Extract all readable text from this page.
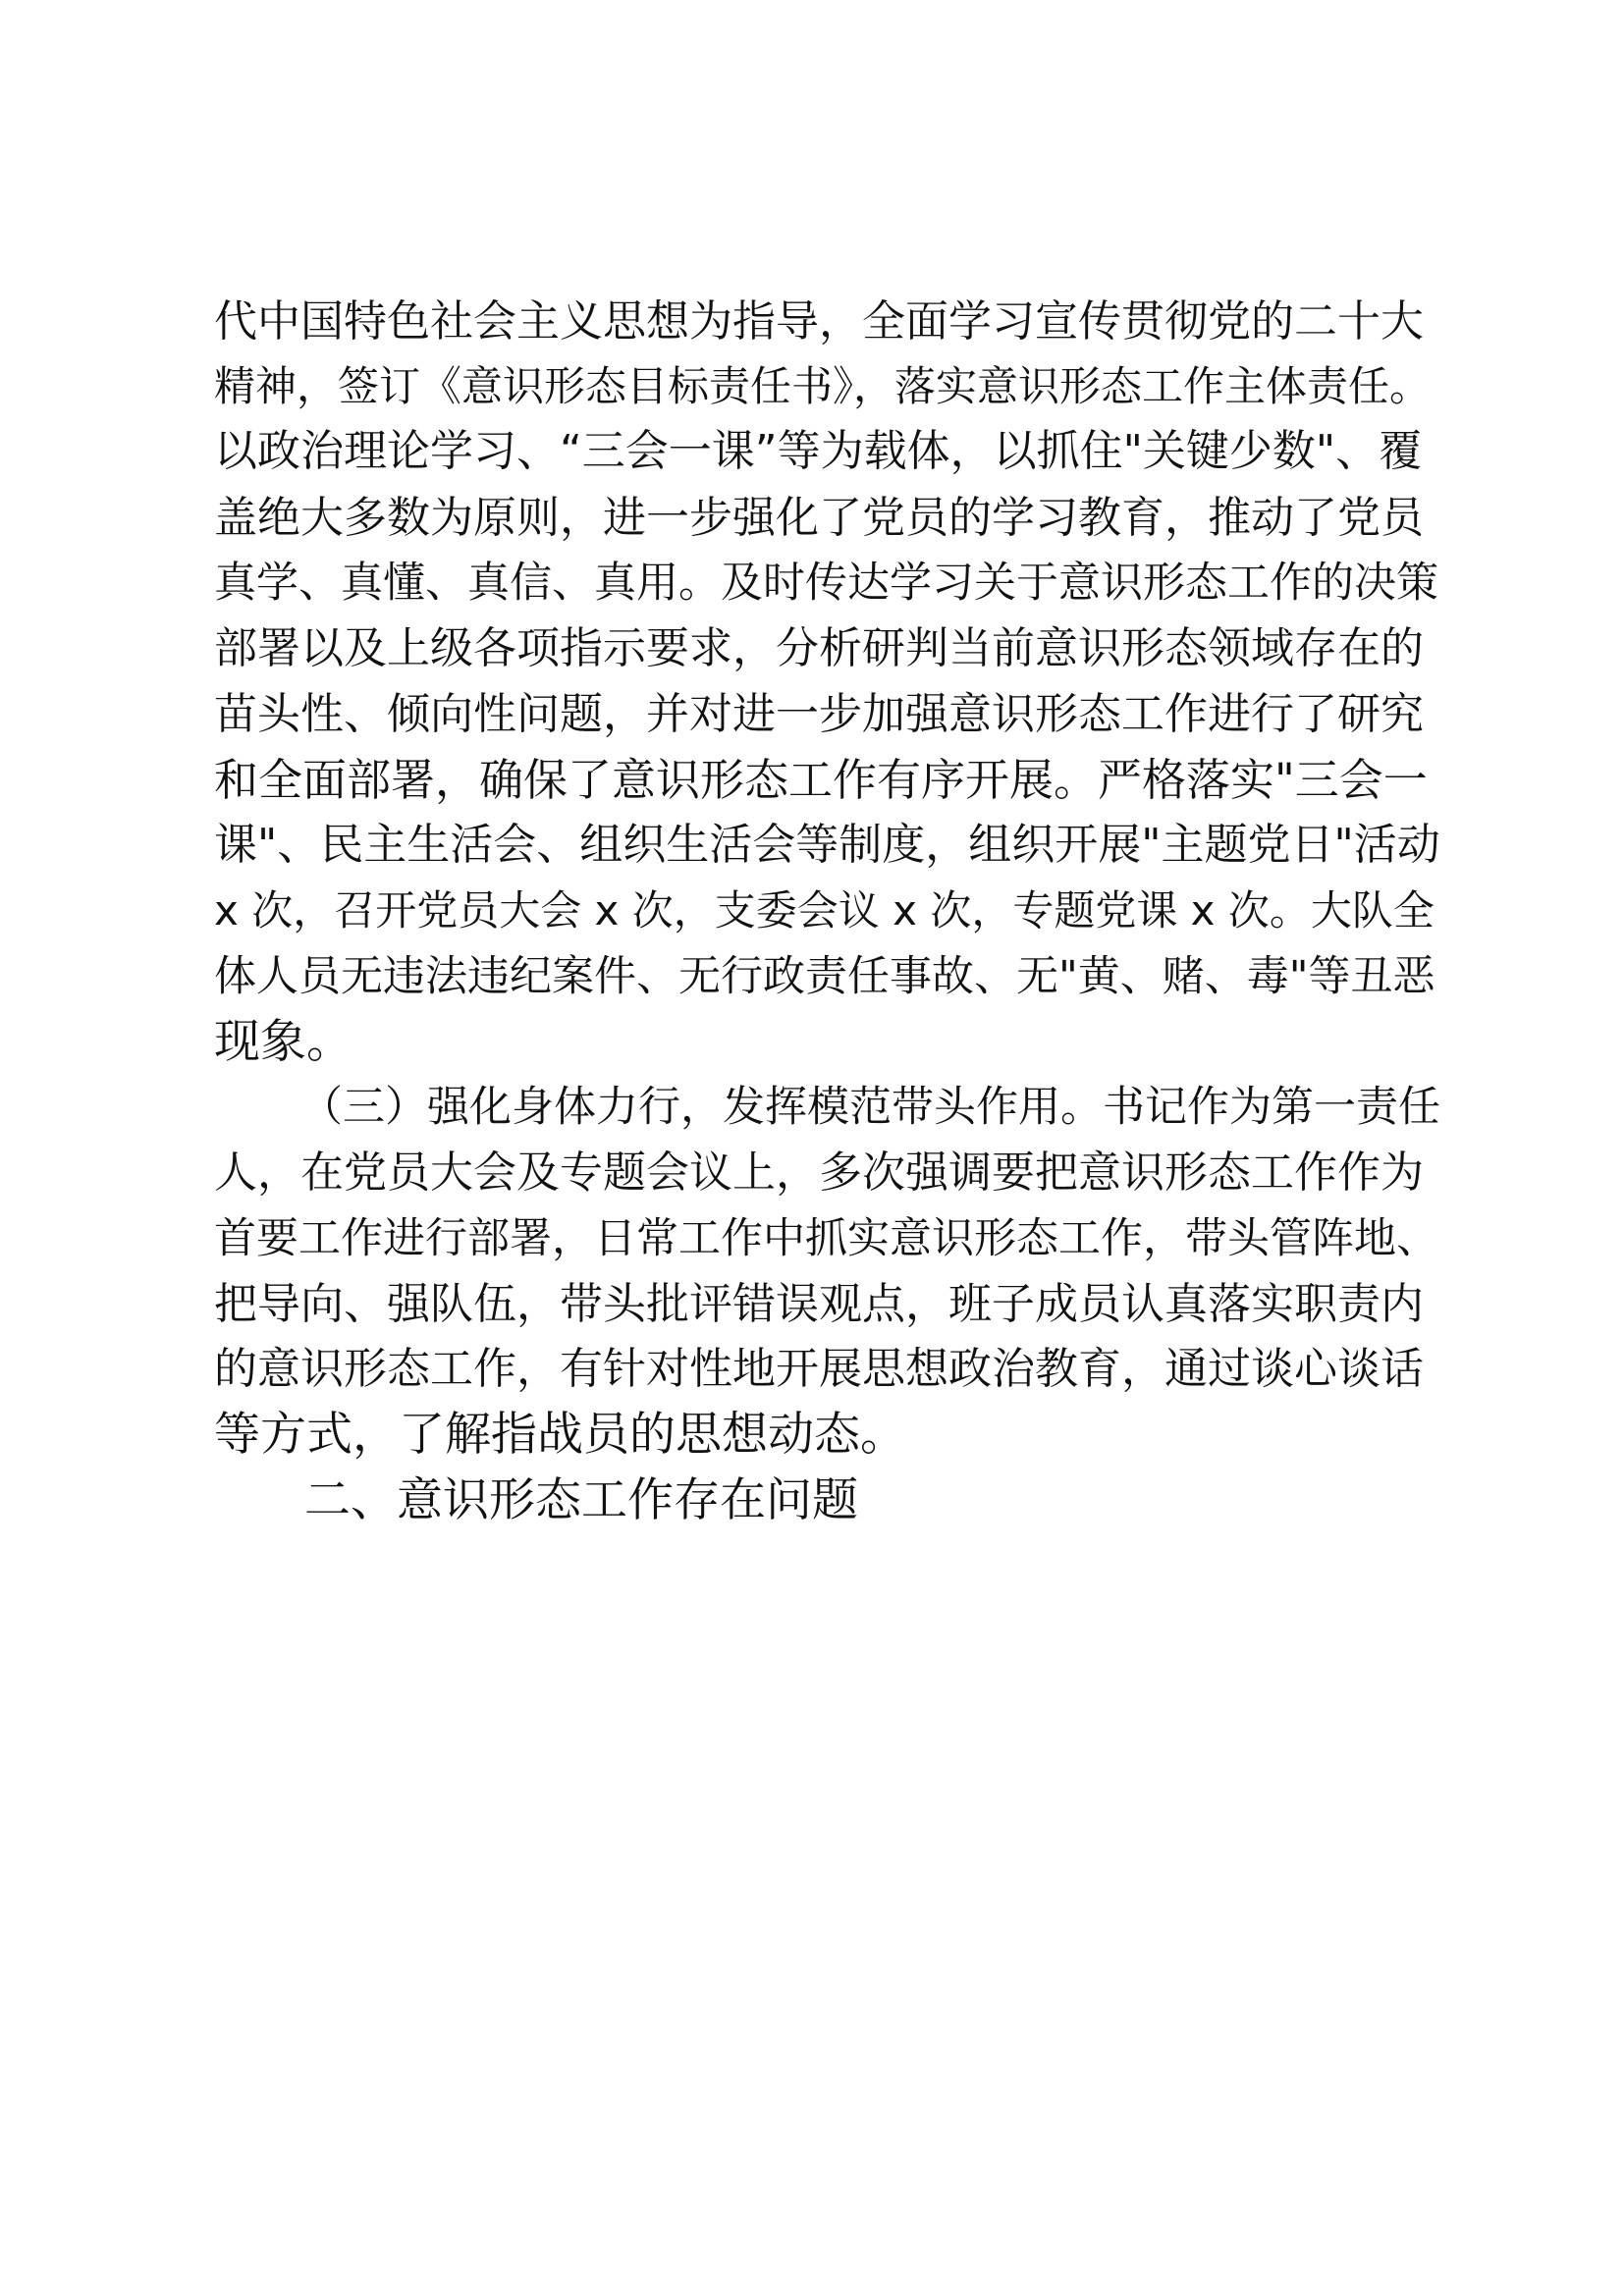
代中国特色社会主义思想为指导，全面学习宣传贯彻党的二十大
精神，签订《意识形态目标责任书》，落实意识形态工作主体责任。
以政治理论学习、“三会一课”等为载体，以抓住"关键少数"、覆
盖绝大多数为原则，进一步强化了党员的学习教育，推动了党员
真学、真懂、真信、真用。及时传达学习关于意识形态工作的决策
部署以及上级各项指示要求，分析研判当前意识形态领域存在的
苗头性、倾向性问题，并对进一步加强意识形态工作进行了研究
和全面部署，确保了意识形态工作有序开展。严格落实"三会一
课"、民主生活会、组织生活会等制度，组织开展"主题党日"活动
x 次，召开党员大会 x 次，支委会议 x 次，专题党课 x 次。大队全
体人员无违法违纪案件、无行政责任事故、无"黄、赌、毒"等丑恶
现象。
（三）强化身体力行，发挥模范带头作用。书记作为第一责任
人，在党员大会及专题会议上，多次强调要把意识形态工作作为
首要工作进行部署，日常工作中抓实意识形态工作，带头管阵地、
把导向、强队伍，带头批评错误观点，班子成员认真落实职责内
的意识形态工作，有针对性地开展思想政治教育，通过谈心谈话
等方式，了解指战员的思想动态。
二、意识形态工作存在问题
